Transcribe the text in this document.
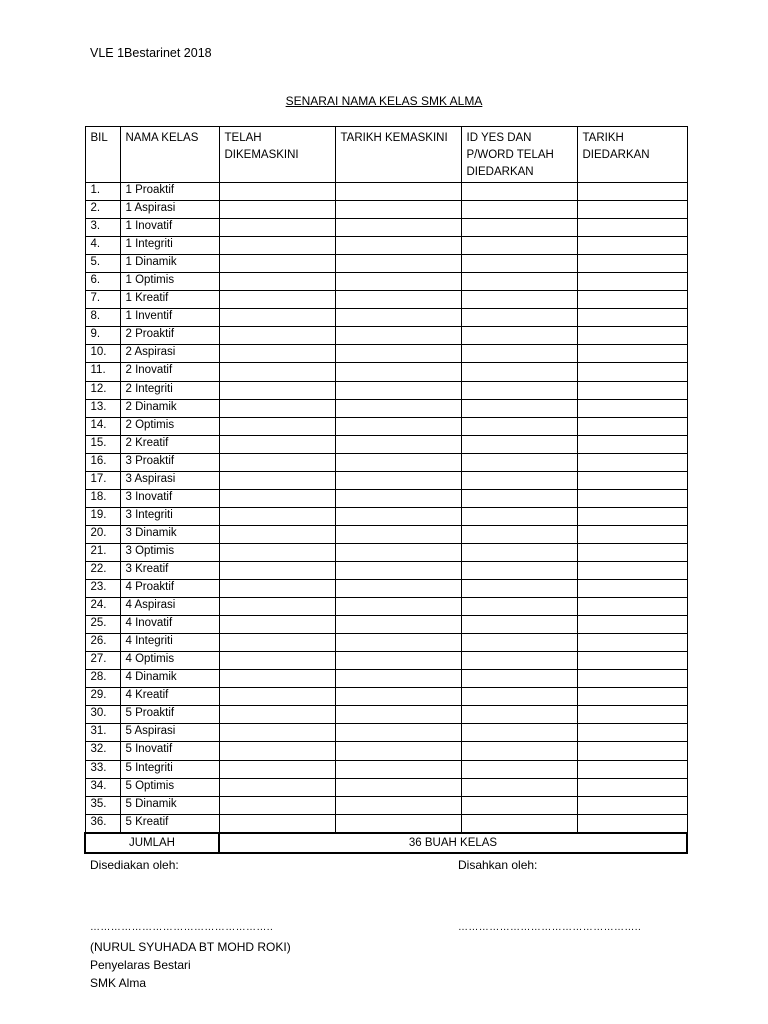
VLE 1Bestarinet 2018
SENARAI NAMA KELAS SMK ALMA
BIL	NAMA KELAS	TELAH DIKEMASKINI	TARIKH KEMASKINI	ID YES DAN P/WORD TELAH DIEDARKAN	TARIKH DIEDARKAN
1.	1 Proaktif				
2.	1 Aspirasi				
3.	1 Inovatif				
4.	1 Integriti				
5.	1 Dinamik				
6.	1 Optimis				
7.	1 Kreatif				
8.	1 Inventif				
9.	2 Proaktif				
10.	2 Aspirasi				
11.	2 Inovatif				
12.	2 Integriti				
13.	2 Dinamik				
14.	2 Optimis				
15.	2 Kreatif				
16.	3 Proaktif				
17.	3 Aspirasi				
18.	3 Inovatif				
19.	3 Integriti				
20.	3 Dinamik				
21.	3 Optimis				
22.	3 Kreatif				
23.	4 Proaktif				
24.	4 Aspirasi				
25.	4 Inovatif				
26.	4 Integriti				
27.	4 Optimis				
28.	4 Dinamik				
29.	4 Kreatif				
30.	5 Proaktif				
31.	5 Aspirasi				
32.	5 Inovatif				
33.	5 Integriti				
34.	5 Optimis				
35.	5 Dinamik				
36.	5 Kreatif				
JUMLAH		36 BUAH KELAS			
Disediakan oleh:	Disahkan oleh:
……………………………………………..	……………………………………………..
(NURUL SYUHADA BT MOHD ROKI)
Penyelaras Bestari
SMK Alma
